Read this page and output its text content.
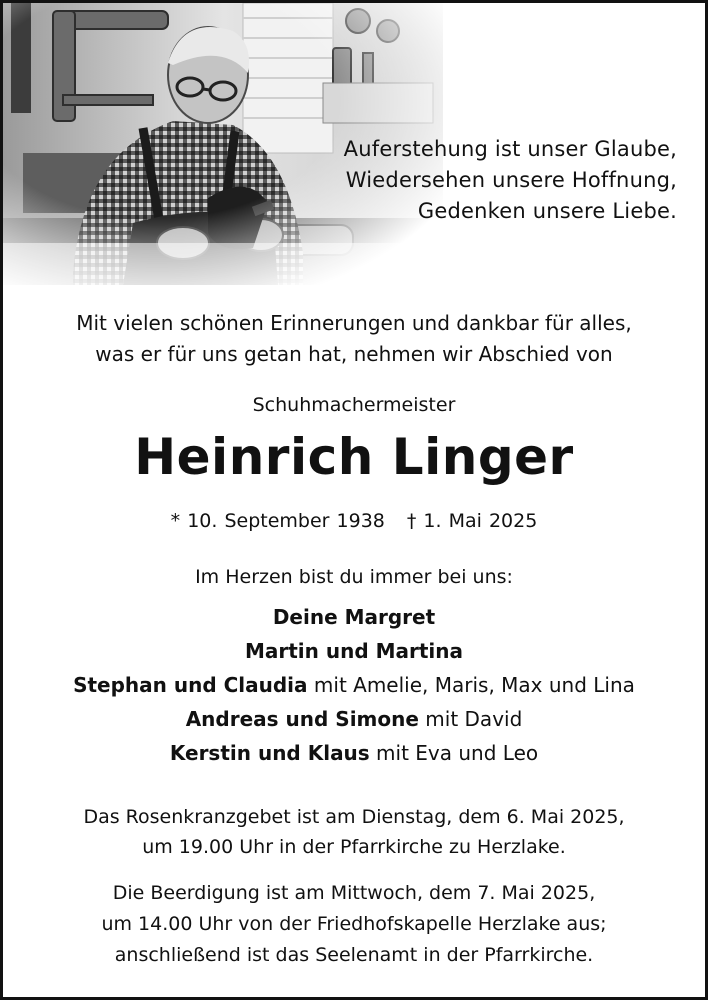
Auferstehung ist unser Glaube,
Wiedersehen unsere Hoffnung,
Gedenken unsere Liebe.
Mit vielen schönen Erinnerungen und dankbar für alles,
was er für uns getan hat, nehmen wir Abschied von
Schuhmachermeister
Heinrich Linger
* 10. September 1938 † 1. Mai 2025
Im Herzen bist du immer bei uns:
Deine Margret
Martin und Martina
Stephan und Claudia mit Amelie, Maris, Max und Lina
Andreas und Simone mit David
Kerstin und Klaus mit Eva und Leo
Das Rosenkranzgebet ist am Dienstag, dem 6. Mai 2025,
um 19.00 Uhr in der Pfarrkirche zu Herzlake.
Die Beerdigung ist am Mittwoch, dem 7. Mai 2025,
um 14.00 Uhr von der Friedhofskapelle Herzlake aus;
anschließend ist das Seelenamt in der Pfarrkirche.
